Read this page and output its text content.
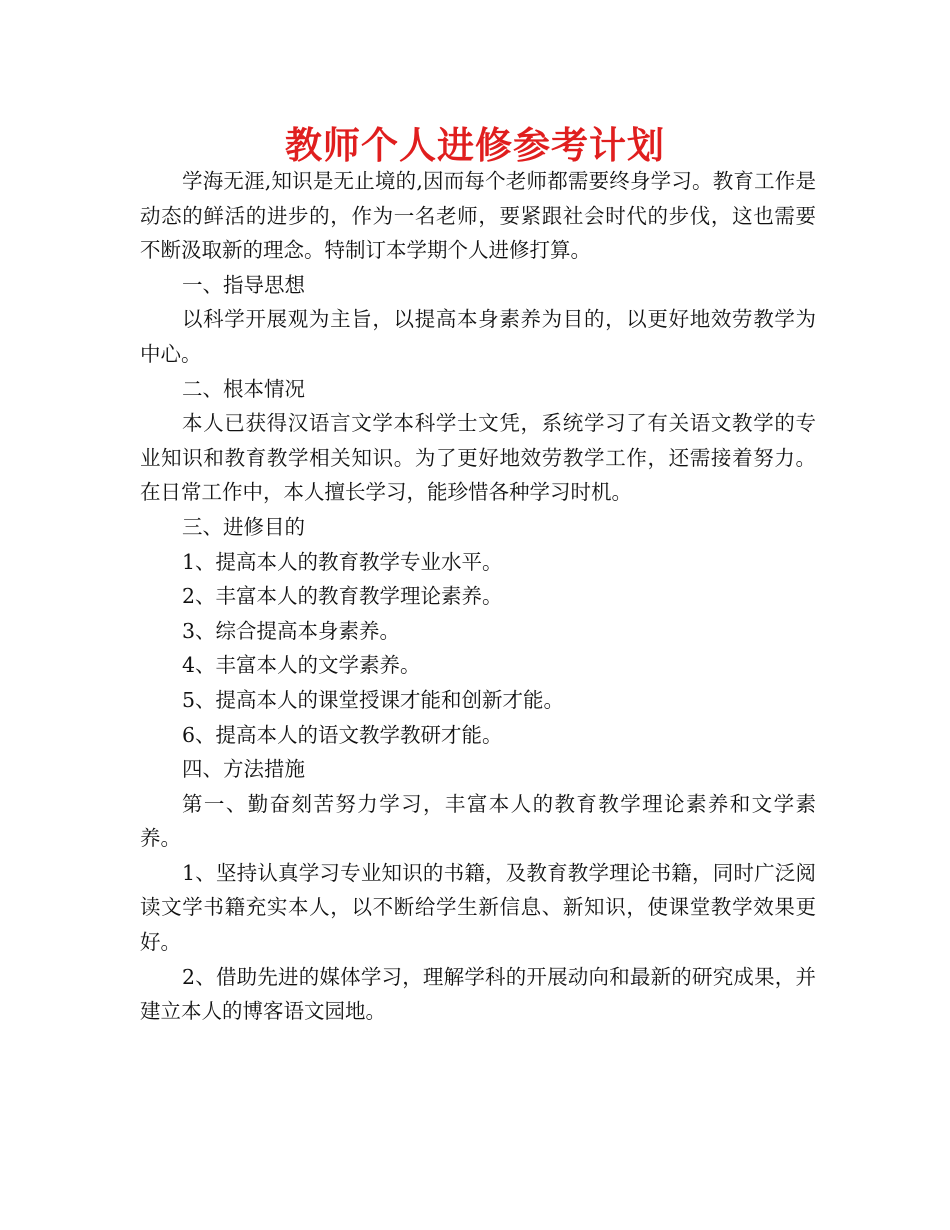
教师个人进修参考计划

学海无涯,知识是无止境的,因而每个老师都需要终身学习。教育工作是动态的鲜活的进步的，作为一名老师，要紧跟社会时代的步伐，这也需要不断汲取新的理念。特制订本学期个人进修打算。

一、指导思想

以科学开展观为主旨，以提高本身素养为目的，以更好地效劳教学为中心。

二、根本情况

本人已获得汉语言文学本科学士文凭，系统学习了有关语文教学的专业知识和教育教学相关知识。为了更好地效劳教学工作，还需接着努力。在日常工作中，本人擅长学习，能珍惜各种学习时机。

三、进修目的

1、提高本人的教育教学专业水平。

2、丰富本人的教育教学理论素养。

3、综合提高本身素养。

4、丰富本人的文学素养。

5、提高本人的课堂授课才能和创新才能。

6、提高本人的语文教学教研才能。

四、方法措施

第一、勤奋刻苦努力学习，丰富本人的教育教学理论素养和文学素养。

1、坚持认真学习专业知识的书籍，及教育教学理论书籍，同时广泛阅读文学书籍充实本人，以不断给学生新信息、新知识，使课堂教学效果更好。

2、借助先进的媒体学习，理解学科的开展动向和最新的研究成果，并建立本人的博客语文园地。
